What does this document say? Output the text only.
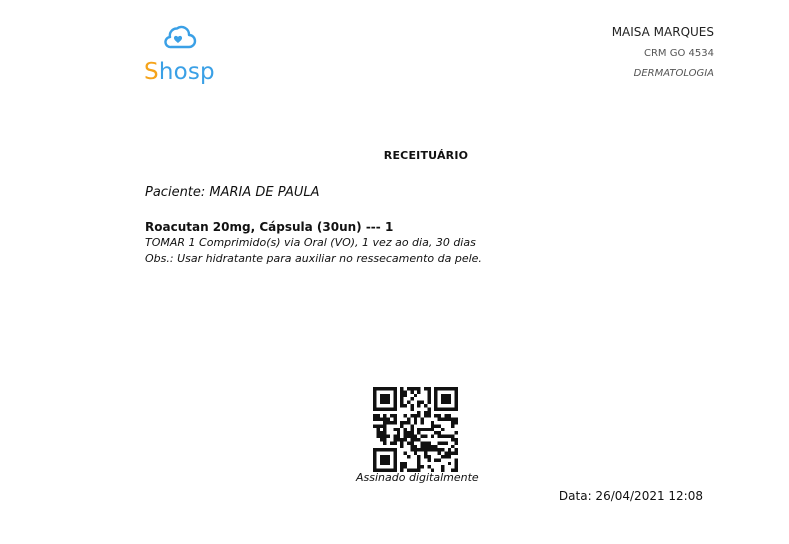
Shosp
MAISA MARQUES
CRM GO 4534
DERMATOLOGIA
RECEITUÁRIO
Paciente: MARIA DE PAULA
Roacutan 20mg, Cápsula (30un) --- 1
TOMAR 1 Comprimido(s) via Oral (VO), 1 vez ao dia, 30 dias
Obs.: Usar hidratante para auxiliar no ressecamento da pele.
Assinado digitalmente
Data: 26/04/2021 12:08
